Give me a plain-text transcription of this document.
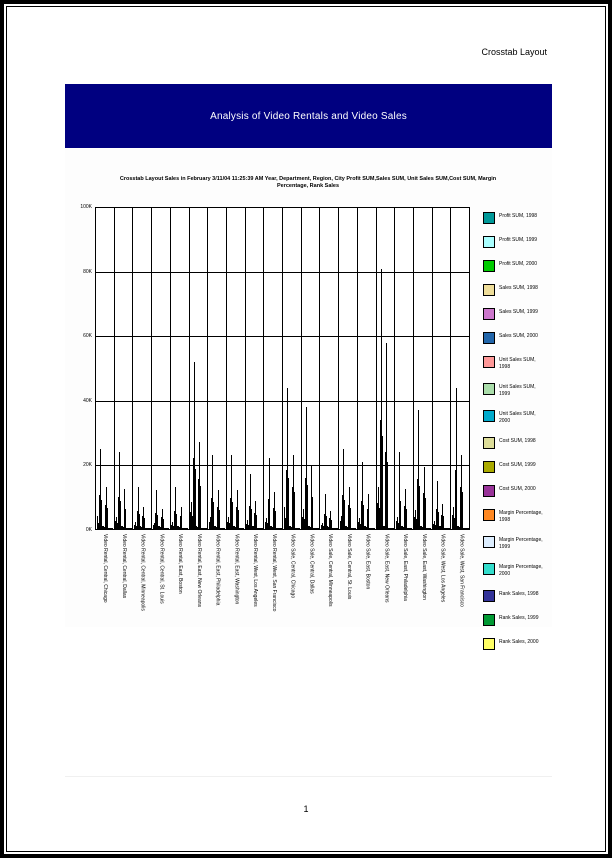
Crosstab Layout
Analysis of Video Rentals and Video Sales
Crosstab Layout Sales in February 3/11/04 11:25:39 AM Year, Department, Region, City Profit SUM,Sales SUM, Unit Sales SUM,Cost SUM, Margin
Percentage, Rank Sales
100K
80K
60K
40K
20K
0K
Video Rental, Central, Chicago	Video Rental, Central, Dallas	Video Rental, Central, Minneapolis	Video Rental, Central, St. Louis	Video Rental, East, Boston	Video Rental, East, New Orleans	Video Rental, East, Philadelphia	Video Rental, East, Washington	Video Rental, West, Los Angeles	Video Rental, West, San Francisco	Video Sale, Central, Chicago	Video Sale, Central, Dallas	Video Sale, Central, Minneapolis	Video Sale, Central, St. Louis	Video Sale, East, Boston	Video Sale, East, New Orleans	Video Sale, East, Philadelphia	Video Sale, East, Washington	Video Sale, West, Los Angeles	Video Sale, West, San Francisco
Profit SUM, 1998
Profit SUM, 1999
Profit SUM, 2000
Sales SUM, 1998
Sales SUM, 1999
Sales SUM, 2000
Unit Sales SUM, 1998
Unit Sales SUM, 1999
Unit Sales SUM, 2000
Cost SUM, 1998
Cost SUM, 1999
Cost SUM, 2000
Margin Percentage, 1998
Margin Percentage, 1999
Margin Percentage, 2000
Rank Sales, 1998
Rank Sales, 1999
Rank Sales, 2000
1
